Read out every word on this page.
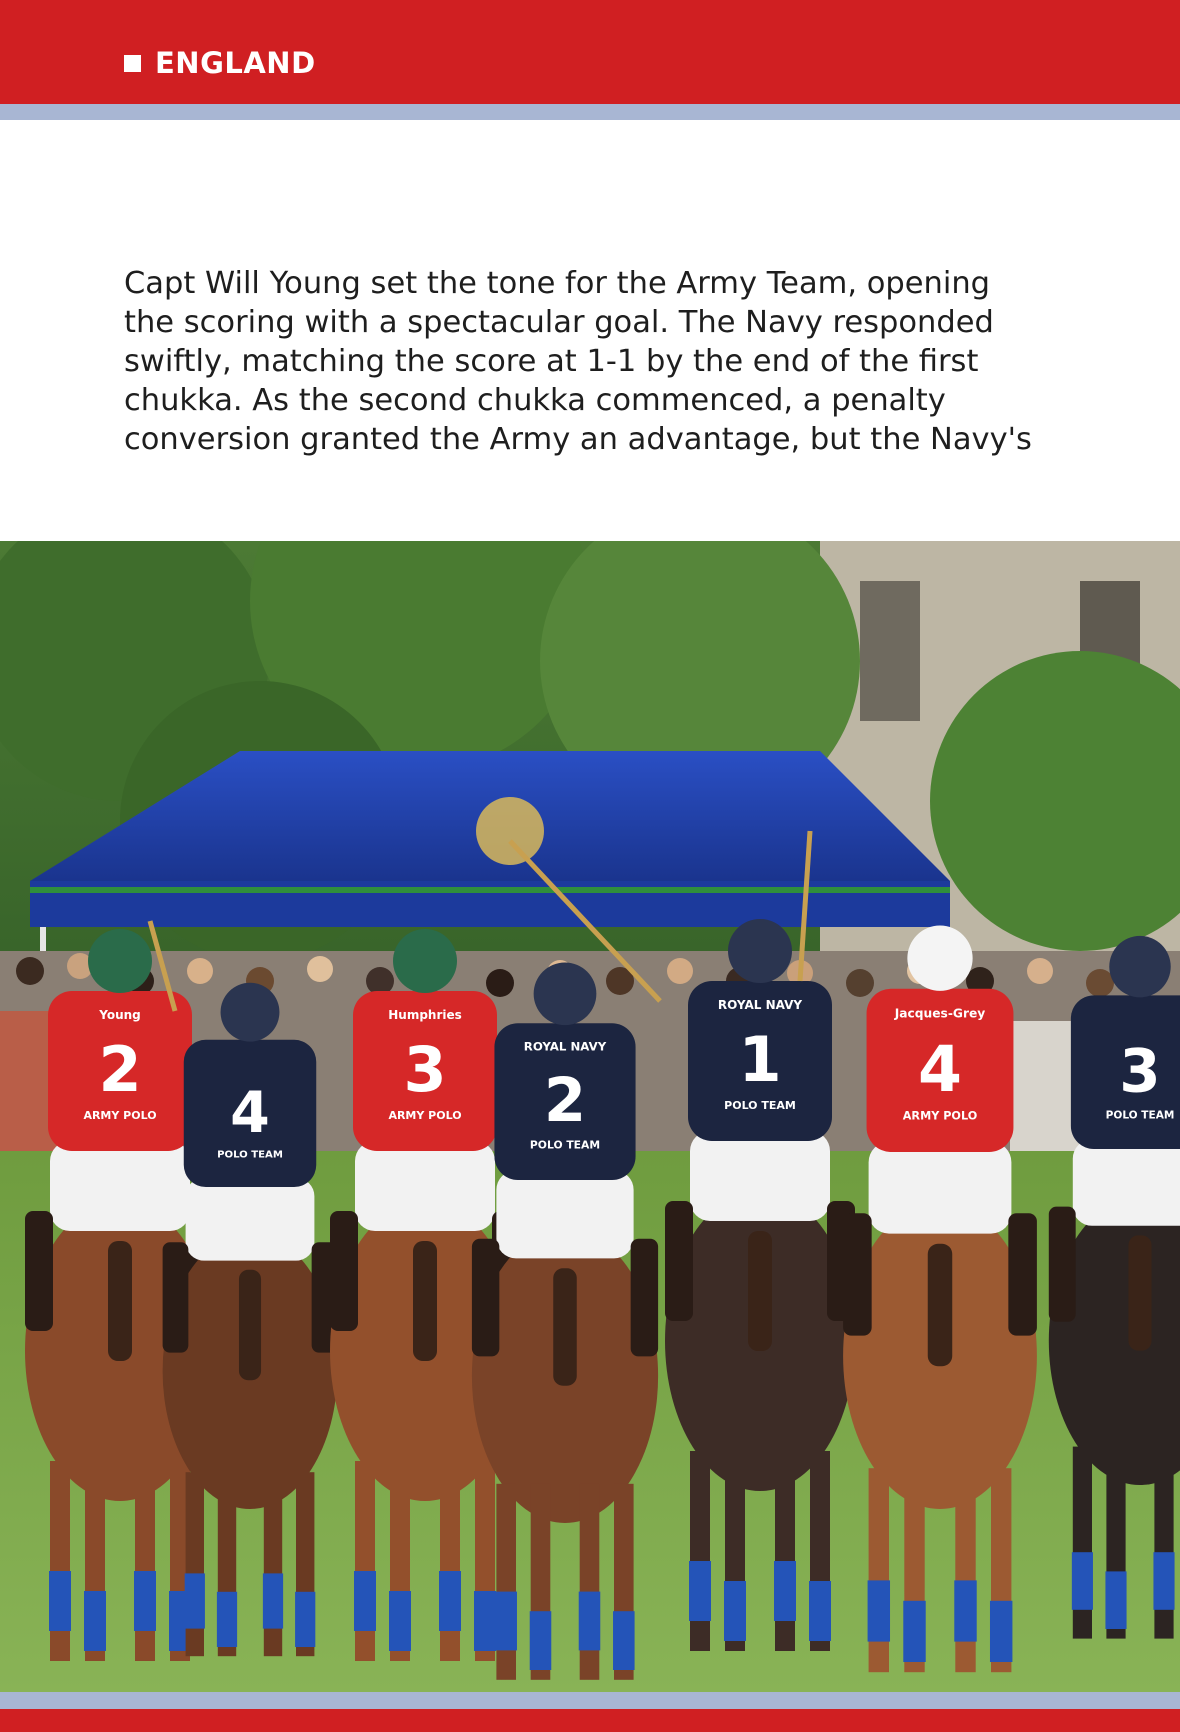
ENGLAND
Capt Will Young set the tone for the Army Team, opening
the scoring with a spectacular goal. The Navy responded
swiftly, matching the score at 1-1 by the end of the first
chukka. As the second chukka commenced, a penalty
conversion granted the Army an advantage, but the Navy's
Young
2
ARMY POLO 4
POLO TEAM
Humphries
3
ARMY POLO
ROYAL NAVY
2
POLO TEAM
ROYAL NAVY
1
POLO TEAM
Jacques-Grey
4
ARMY POLO
3
POLO TEAM
